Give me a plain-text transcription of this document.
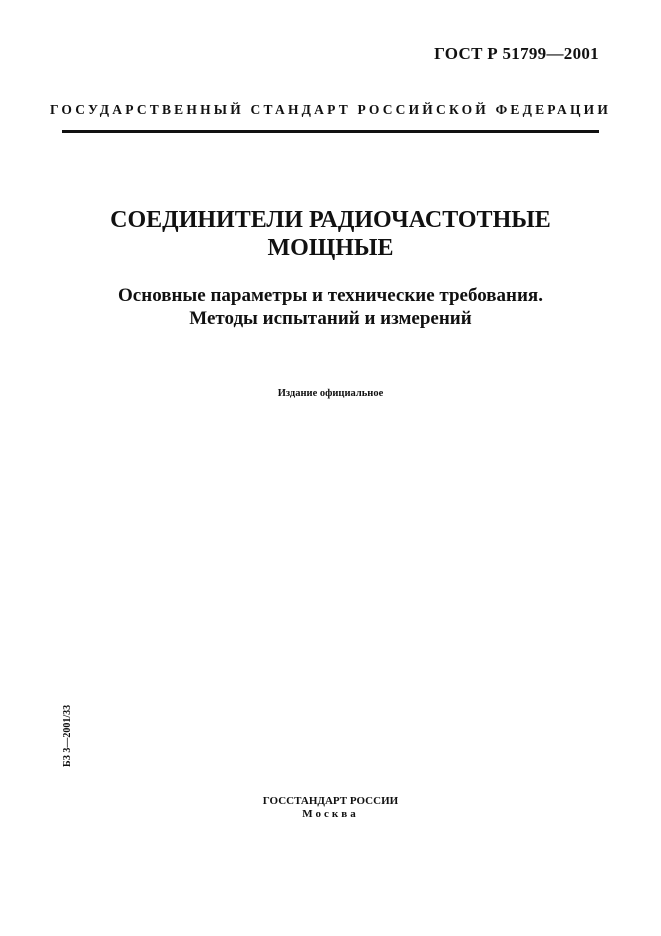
ГОСТ Р 51799—2001
ГОСУДАРСТВЕННЫЙ СТАНДАРТ РОССИЙСКОЙ ФЕДЕРАЦИИ
СОЕДИНИТЕЛИ РАДИОЧАСТОТНЫЕ
МОЩНЫЕ
Основные параметры и технические требования.
Методы испытаний и измерений
Издание официальное
БЗ 3—2001/33
ГОССТАНДАРТ РОССИИ
Москва
